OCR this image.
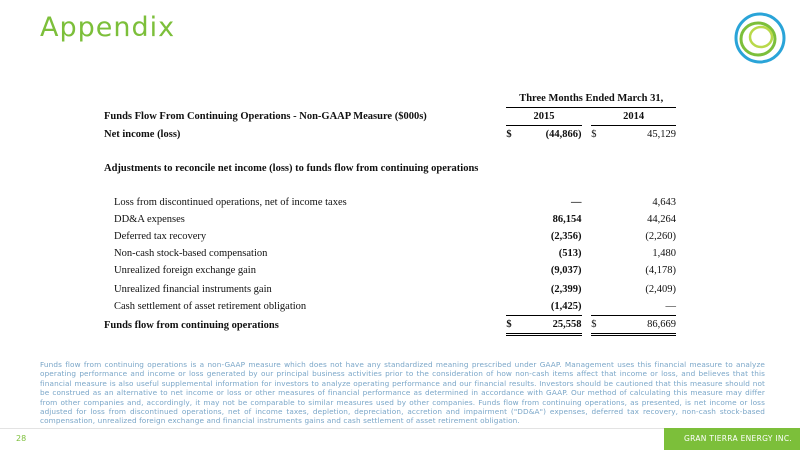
Appendix
	Three Months Ended March 31,				
Funds Flow From Continuing Operations - Non-GAAP Measure ($000s)	2015			2014	
Net income (loss)	$	(44,866)		$	45,129

Adjustments to reconcile net income (loss) to funds flow from continuing operations					

Loss from discontinued operations, net of income taxes		—			4,643
DD&A expenses		86,154			44,264
Deferred tax recovery		(2,356)			(2,260)
Non-cash stock-based compensation		(513)			1,480
Unrealized foreign exchange gain		(9,037)			(4,178)

Unrealized financial instruments gain		(2,399)			(2,409)
Cash settlement of asset retirement obligation		(1,425)			—
Funds flow from continuing operations	$	25,558		$	86,669
Funds flow from continuing operations is a non-GAAP measure which does not have any standardized meaning prescribed under GAAP. Management uses this financial measure to analyze operating performance and income or loss generated by our principal business activities prior to the consideration of how non-cash items affect that income or loss, and believes that this financial measure is also useful supplemental information for investors to analyze operating performance and our financial results. Investors should be cautioned that this measure should not be construed as an alternative to net income or loss or other measures of financial performance as determined in accordance with GAAP. Our method of calculating this measure may differ from other companies and, accordingly, it may not be comparable to similar measures used by other companies. Funds flow from continuing operations, as presented, is net income or loss adjusted for loss from discontinued operations, net of income taxes, depletion, depreciation, accretion and impairment ("DD&A") expenses, deferred tax recovery, non-cash stock-based compensation, unrealized foreign exchange and financial instruments gains and cash settlement of asset retirement obligation.
28	GRAN TIERRA ENERGY INC.
